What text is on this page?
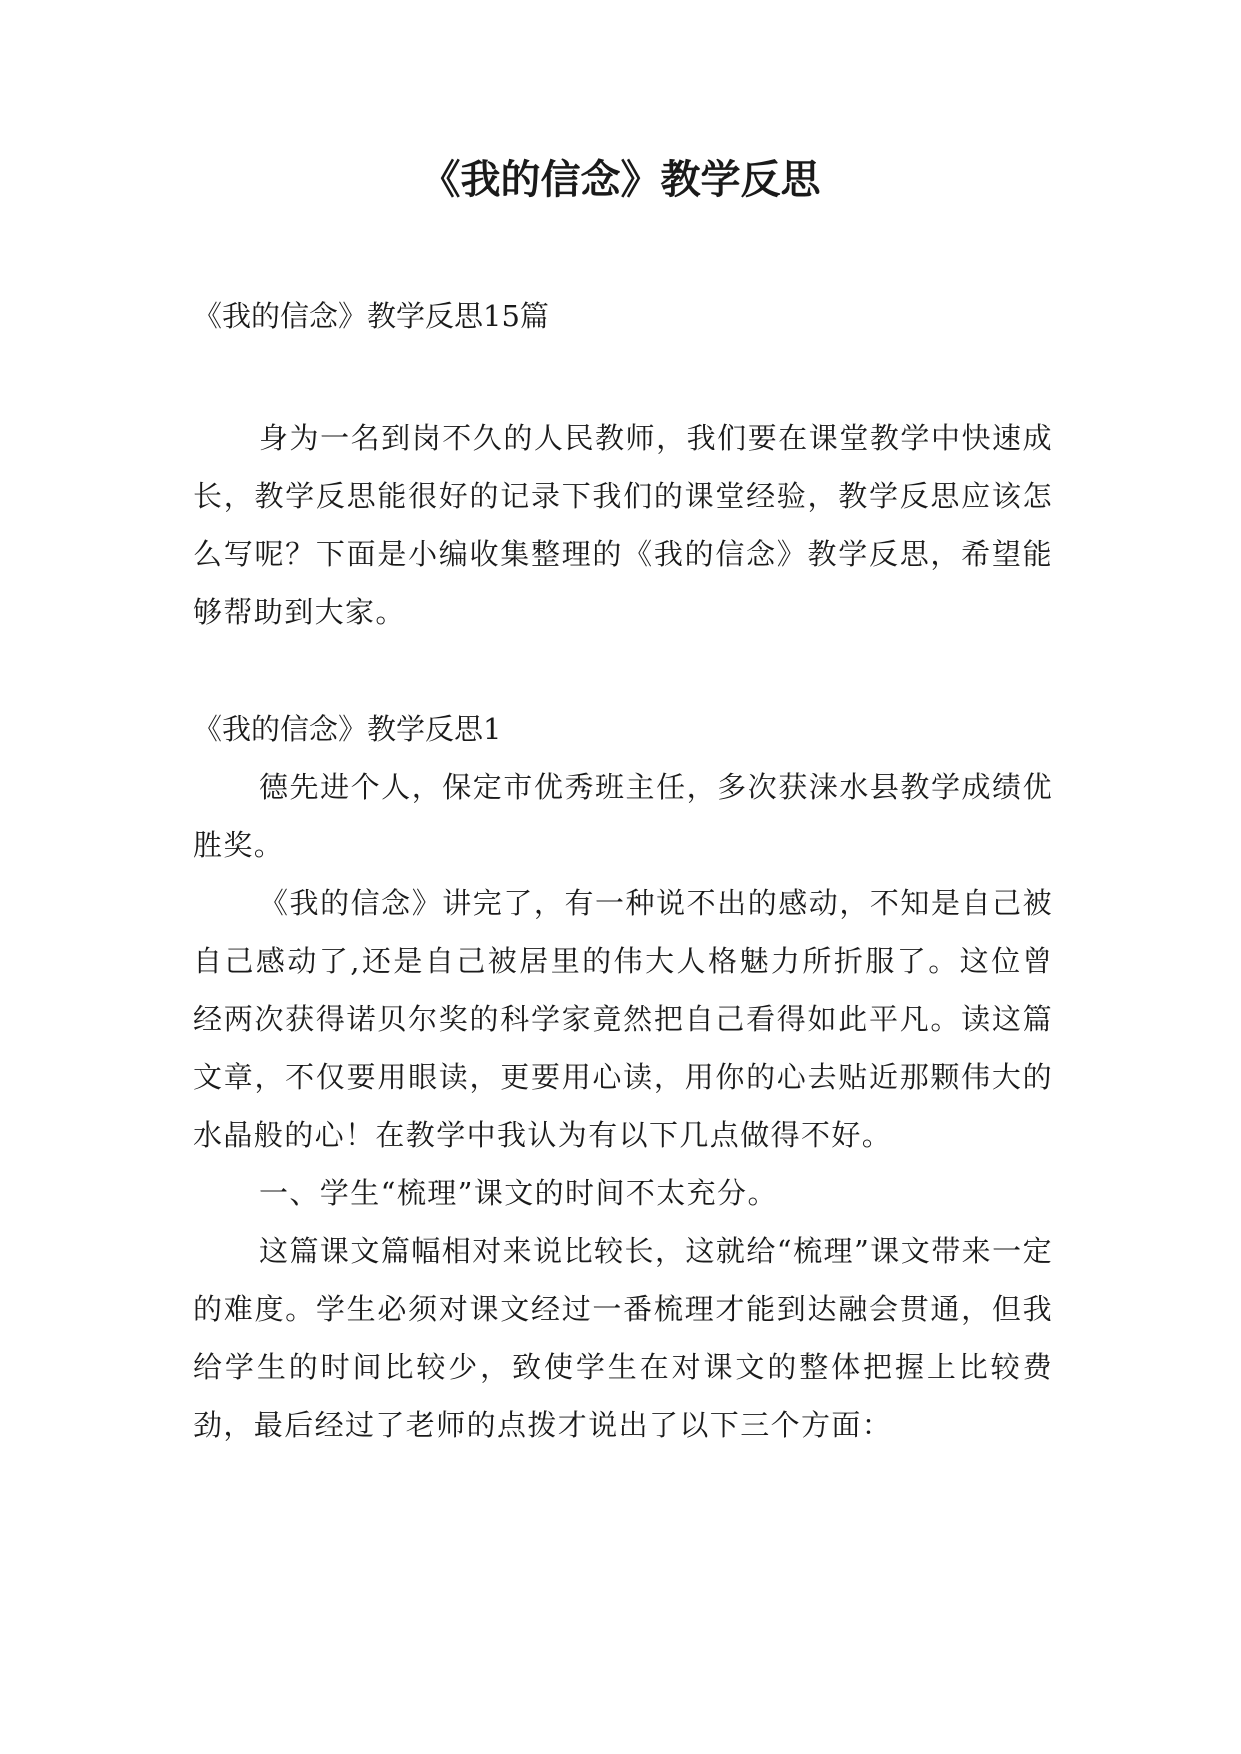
《我的信念》教学反思

《我的信念》教学反思15篇

身为一名到岗不久的人民教师，我们要在课堂教学中快速成长，教学反思能很好的记录下我们的课堂经验，教学反思应该怎么写呢？下面是小编收集整理的《我的信念》教学反思，希望能够帮助到大家。

《我的信念》教学反思1

德先进个人，保定市优秀班主任，多次获涞水县教学成绩优胜奖。

《我的信念》讲完了，有一种说不出的感动，不知是自己被自己感动了,还是自己被居里的伟大人格魅力所折服了。这位曾经两次获得诺贝尔奖的科学家竟然把自己看得如此平凡。读这篇文章，不仅要用眼读，更要用心读，用你的心去贴近那颗伟大的水晶般的心！在教学中我认为有以下几点做得不好。

一、学生“梳理”课文的时间不太充分。

这篇课文篇幅相对来说比较长，这就给“梳理”课文带来一定的难度。学生必须对课文经过一番梳理才能到达融会贯通，但我给学生的时间比较少，致使学生在对课文的整体把握上比较费劲，最后经过了老师的点拨才说出了以下三个方面：
